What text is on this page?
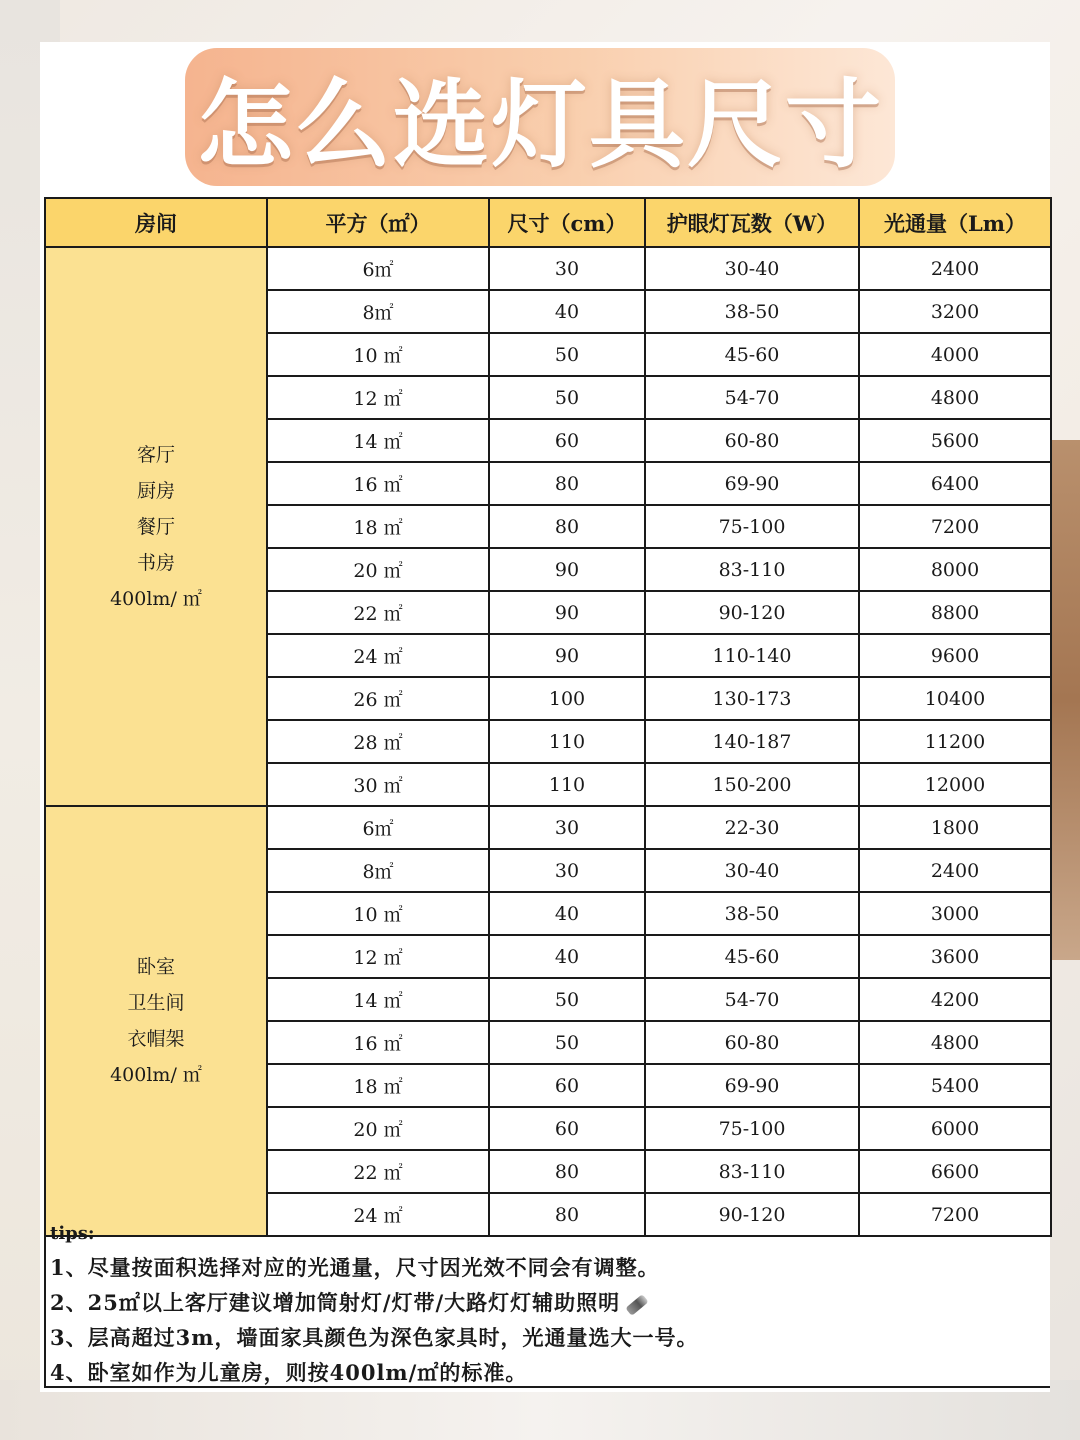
怎么选灯具尺寸
房间	平方（㎡）	尺寸（cm）	护眼灯瓦数（W）	光通量（Lm）

客厅
厨房
餐厅
书房
400lm/ ㎡	6㎡	30	30-40	2400
	8㎡	40	38-50	3200
	10 ㎡	50	45-60	4000
	12 ㎡	50	54-70	4800
	14 ㎡	60	60-80	5600
	16 ㎡	80	69-90	6400
	18 ㎡	80	75-100	7200
	20 ㎡	90	83-110	8000
	22 ㎡	90	90-120	8800
	24 ㎡	90	110-140	9600
	26 ㎡	100	130-173	10400
	28 ㎡	110	140-187	11200
	30 ㎡	110	150-200	12000

卧室
卫生间
衣帽架
400lm/ ㎡	6㎡	30	22-30	1800
	8㎡	30	30-40	2400
	10 ㎡	40	38-50	3000
	12 ㎡	40	45-60	3600
	14 ㎡	50	54-70	4200
	16 ㎡	50	60-80	4800
	18 ㎡	60	69-90	5400
	20 ㎡	60	75-100	6000
	22 ㎡	80	83-110	6600
	24 ㎡	80	90-120	7200
tips:
1、尽量按面积选择对应的光通量，尺寸因光效不同会有调整。
2、25㎡以上客厅建议增加筒射灯/灯带/大路灯灯辅助照明
3、层高超过3m，墙面家具颜色为深色家具时，光通量选大一号。
4、卧室如作为儿童房，则按400lm/㎡的标准。
